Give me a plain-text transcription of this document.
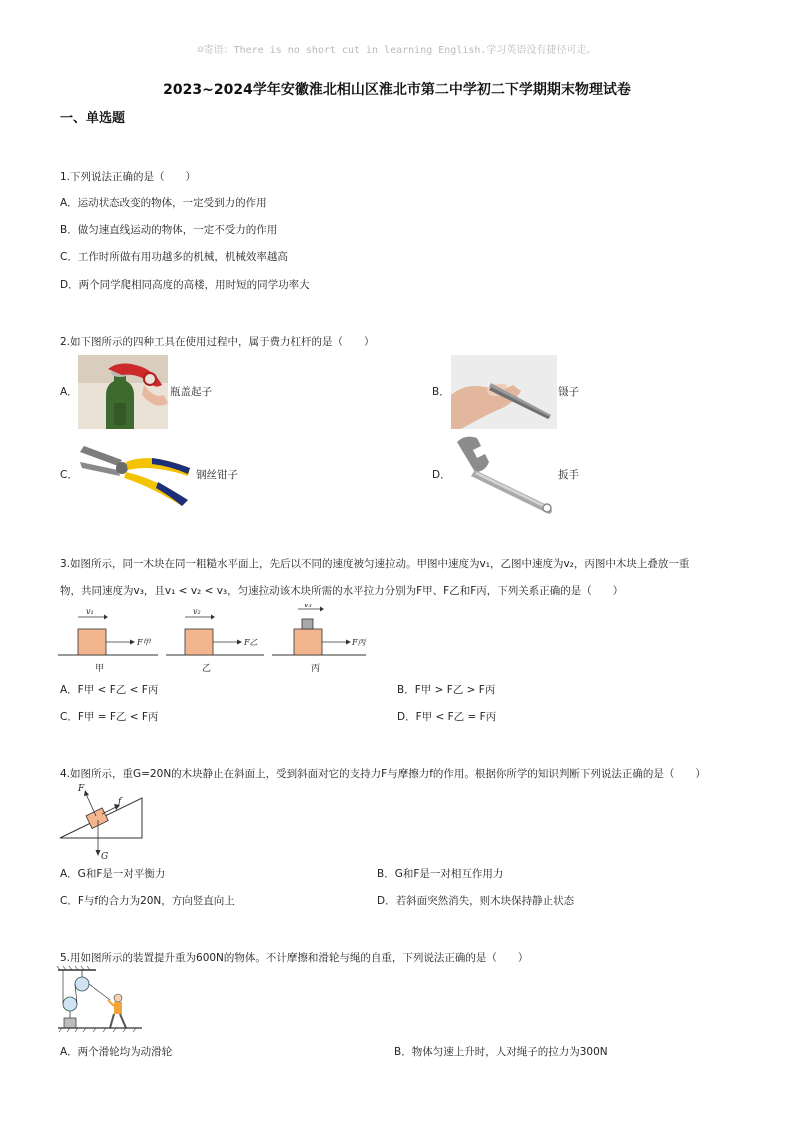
☺寄语：There is no short cut in learning English.学习英语没有捷径可走。
2023~2024学年安徽淮北相山区淮北市第二中学初二下学期期末物理试卷
一、单选题
1.下列说法正确的是（　　）
A．运动状态改变的物体，一定受到力的作用
B．做匀速直线运动的物体，一定不受力的作用
C．工作时所做有用功越多的机械，机械效率越高
D．两个同学爬相同高度的高楼，用时短的同学功率大
2.如下图所示的四种工具在使用过程中，属于费力杠杆的是（　　）
A．	瓶盖起子	B．	镊子
C．	钢丝钳子	D．	扳手
3.如图所示，同一木块在同一粗糙水平面上，先后以不同的速度被匀速拉动。甲图中速度为v₁，乙图中速度为v₂，丙图中木块上叠放一重
物，共同速度为v₃，且v₁ < v₂ < v₃，匀速拉动该木块所需的水平拉力分别为F甲、F乙和F丙，下列关系正确的是（　　）
v₁
F甲
甲
v₂
F乙
乙
v₃
F丙
丙
A．F甲 < F乙 < F丙	B．F甲 > F乙 > F丙
C．F甲 = F乙 < F丙	D．F甲 < F乙 = F丙
4.如图所示，重G=20N的木块静止在斜面上，受到斜面对它的支持力F与摩擦力f的作用。根据你所学的知识判断下列说法正确的是（　　）
F
f
G
A．G和F是一对平衡力	B．G和F是一对相互作用力
C．F与f的合力为20N，方向竖直向上	D．若斜面突然消失，则木块保持静止状态
5.用如图所示的装置提升重为600N的物体。不计摩擦和滑轮与绳的自重，下列说法正确的是（　　）
A．两个滑轮均为动滑轮	B．物体匀速上升时，人对绳子的拉力为300N
